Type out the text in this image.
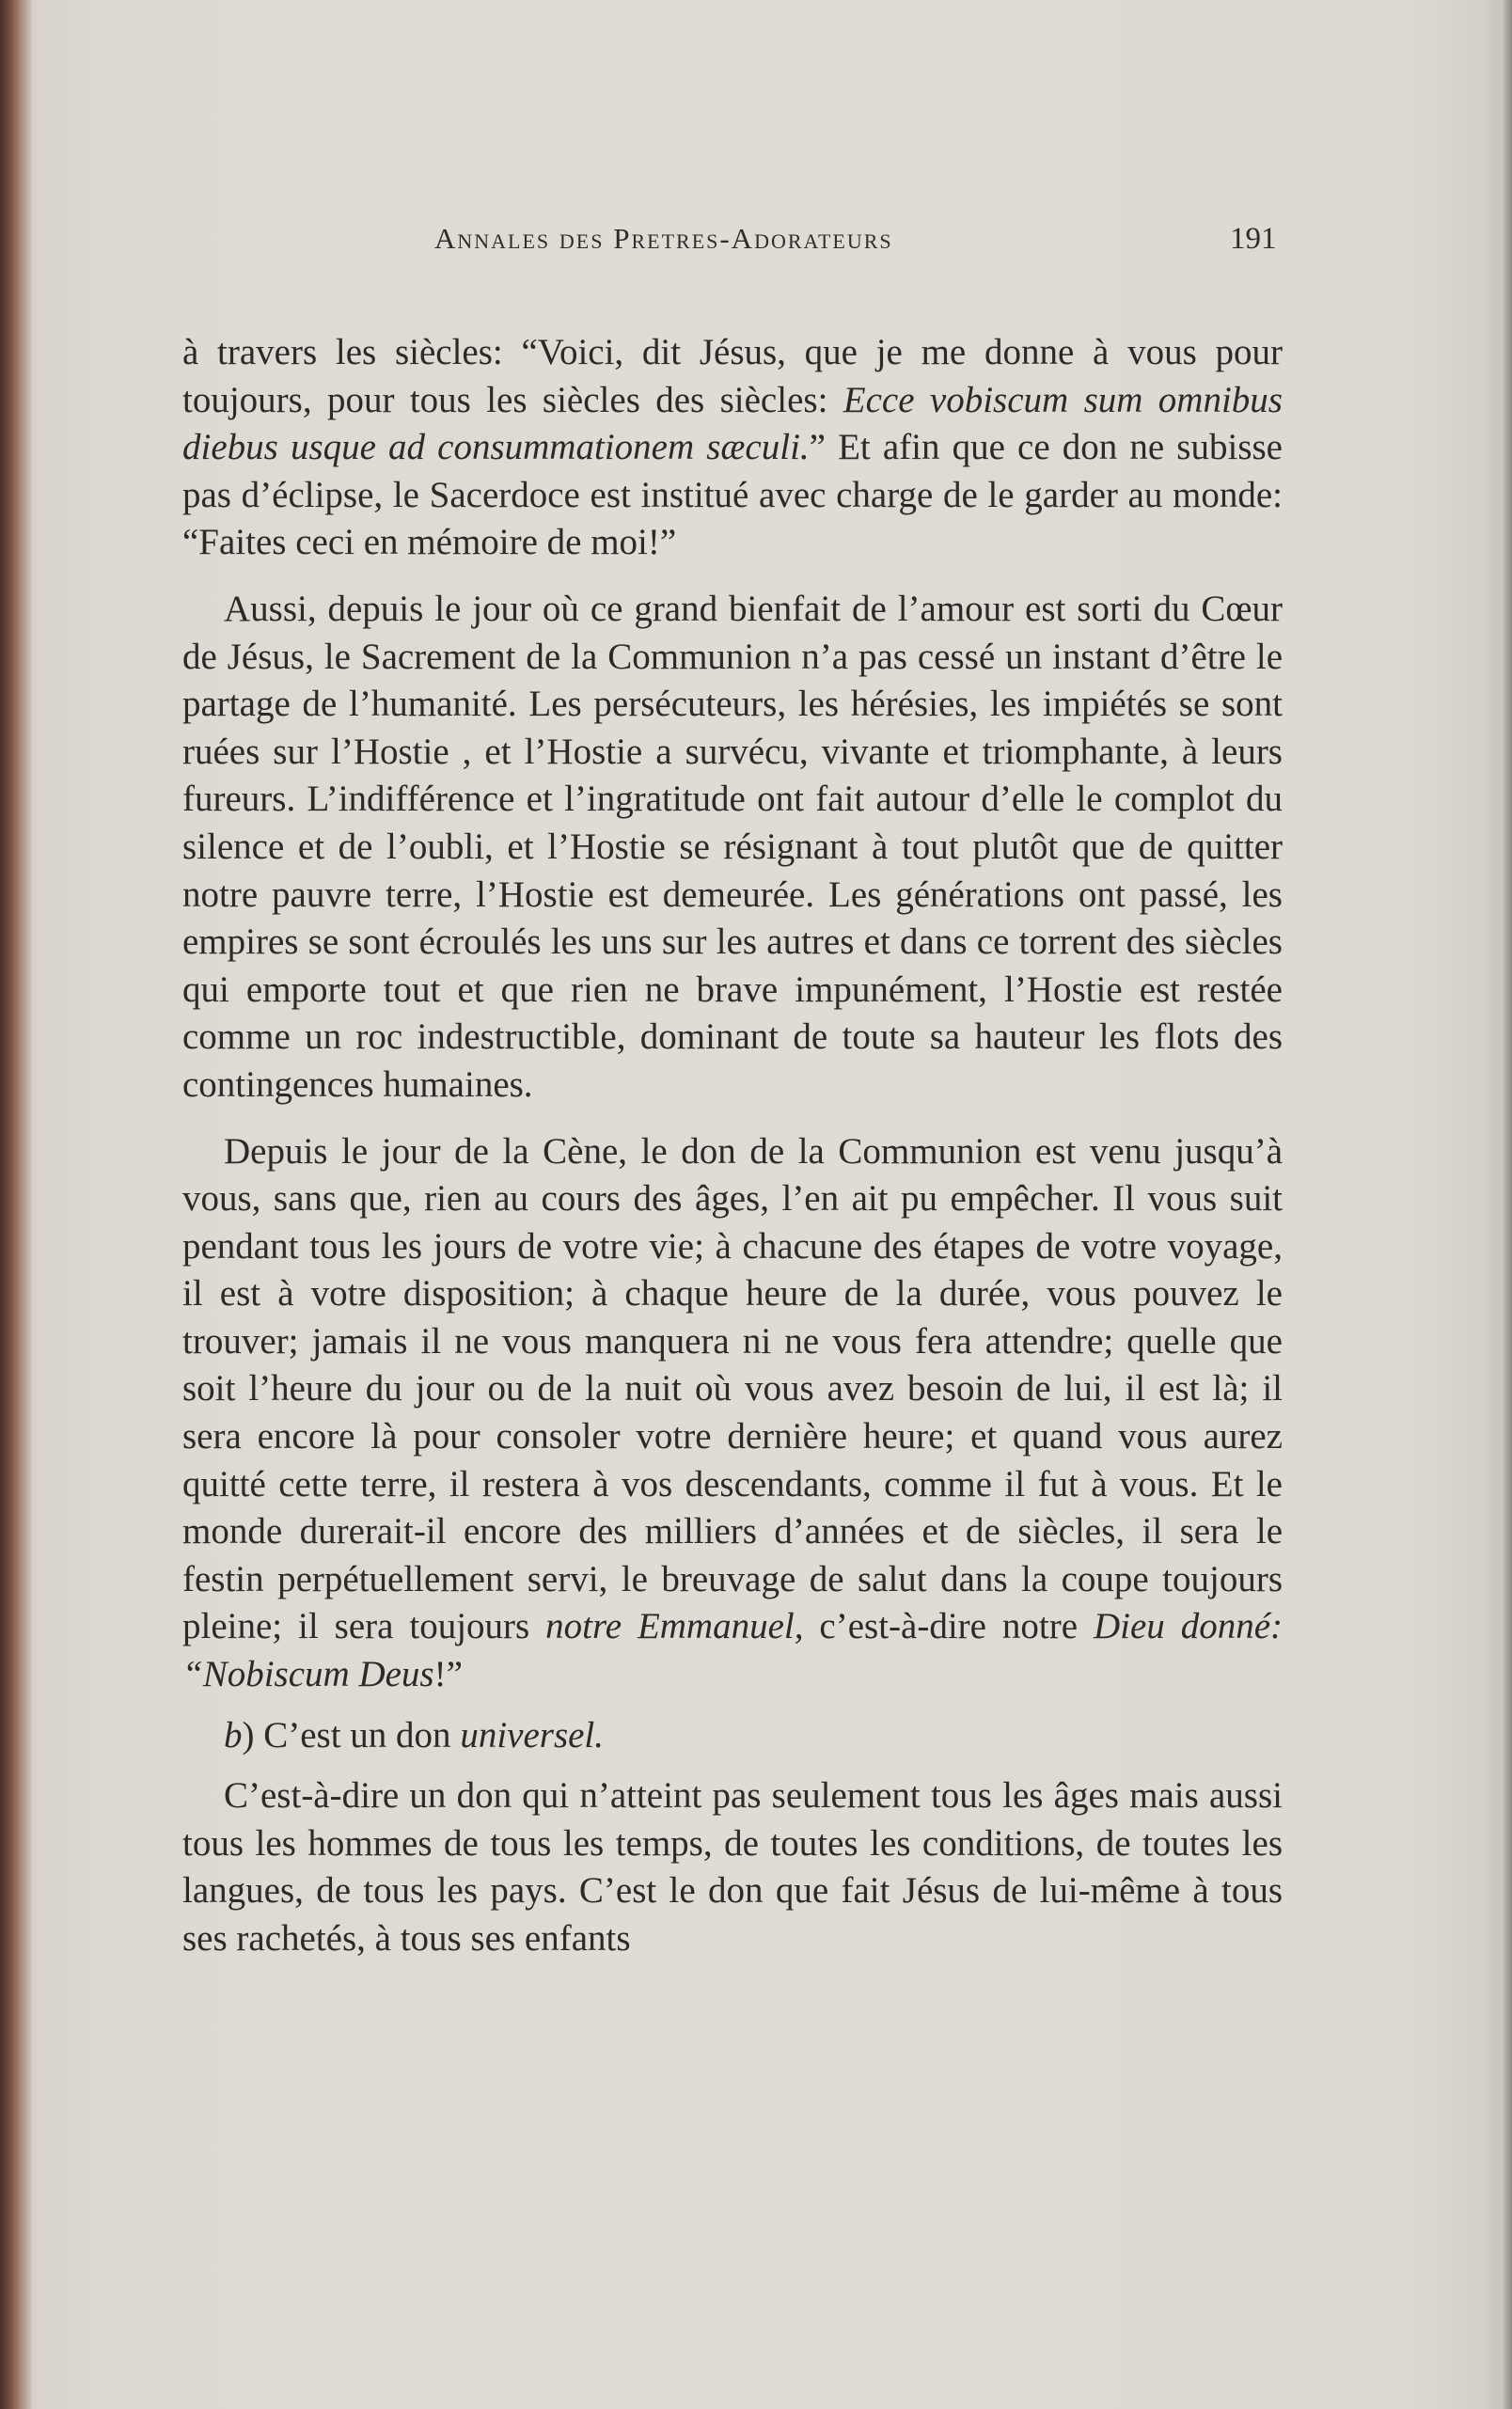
Annales des Pretres-Adorateurs	191

à travers les siècles: “Voici, dit Jésus, que je me donne à vous pour toujours, pour tous les siècles des siècles: Ecce vobiscum sum omnibus diebus usque ad consummationem sæculi.” Et afin que ce don ne subisse pas d’éclipse, le Sacerdoce est institué avec charge de le garder au monde: “Faites ceci en mémoire de moi!”

Aussi, depuis le jour où ce grand bienfait de l’amour est sorti du Cœur de Jésus, le Sacrement de la Communion n’a pas cessé un instant d’être le partage de l’humanité. Les persécuteurs, les hérésies, les impiétés se sont ruées sur l’Hostie , et l’Hostie a survécu, vivante et triomphante, à leurs fureurs. L’indifférence et l’ingratitude ont fait autour d’elle le complot du silence et de l’oubli, et l’Hostie se résignant à tout plutôt que de quitter notre pauvre terre, l’Hostie est demeurée. Les générations ont passé, les empires se sont écroulés les uns sur les autres et dans ce torrent des siècles qui emporte tout et que rien ne brave impunément, l’Hostie est restée comme un roc indestructible, dominant de toute sa hauteur les flots des contingences humaines.

Depuis le jour de la Cène, le don de la Communion est venu jusqu’à vous, sans que, rien au cours des âges, l’en ait pu empêcher. Il vous suit pendant tous les jours de votre vie; à chacune des étapes de votre voyage, il est à votre disposition; à chaque heure de la durée, vous pouvez le trouver; jamais il ne vous manquera ni ne vous fera attendre; quelle que soit l’heure du jour ou de la nuit où vous avez besoin de lui, il est là; il sera encore là pour consoler votre dernière heure; et quand vous aurez quitté cette terre, il restera à vos descendants, comme il fut à vous. Et le monde durerait-il encore des milliers d’années et de siècles, il sera le festin perpétuellement servi, le breuvage de salut dans la coupe toujours pleine; il sera toujours notre Emmanuel, c’est-à-dire notre Dieu donné: “Nobiscum Deus!”

b) C’est un don universel.

C’est-à-dire un don qui n’atteint pas seulement tous les âges mais aussi tous les hommes de tous les temps, de toutes les conditions, de toutes les langues, de tous les pays. C’est le don que fait Jésus de lui-même à tous ses rachetés, à tous ses enfants
